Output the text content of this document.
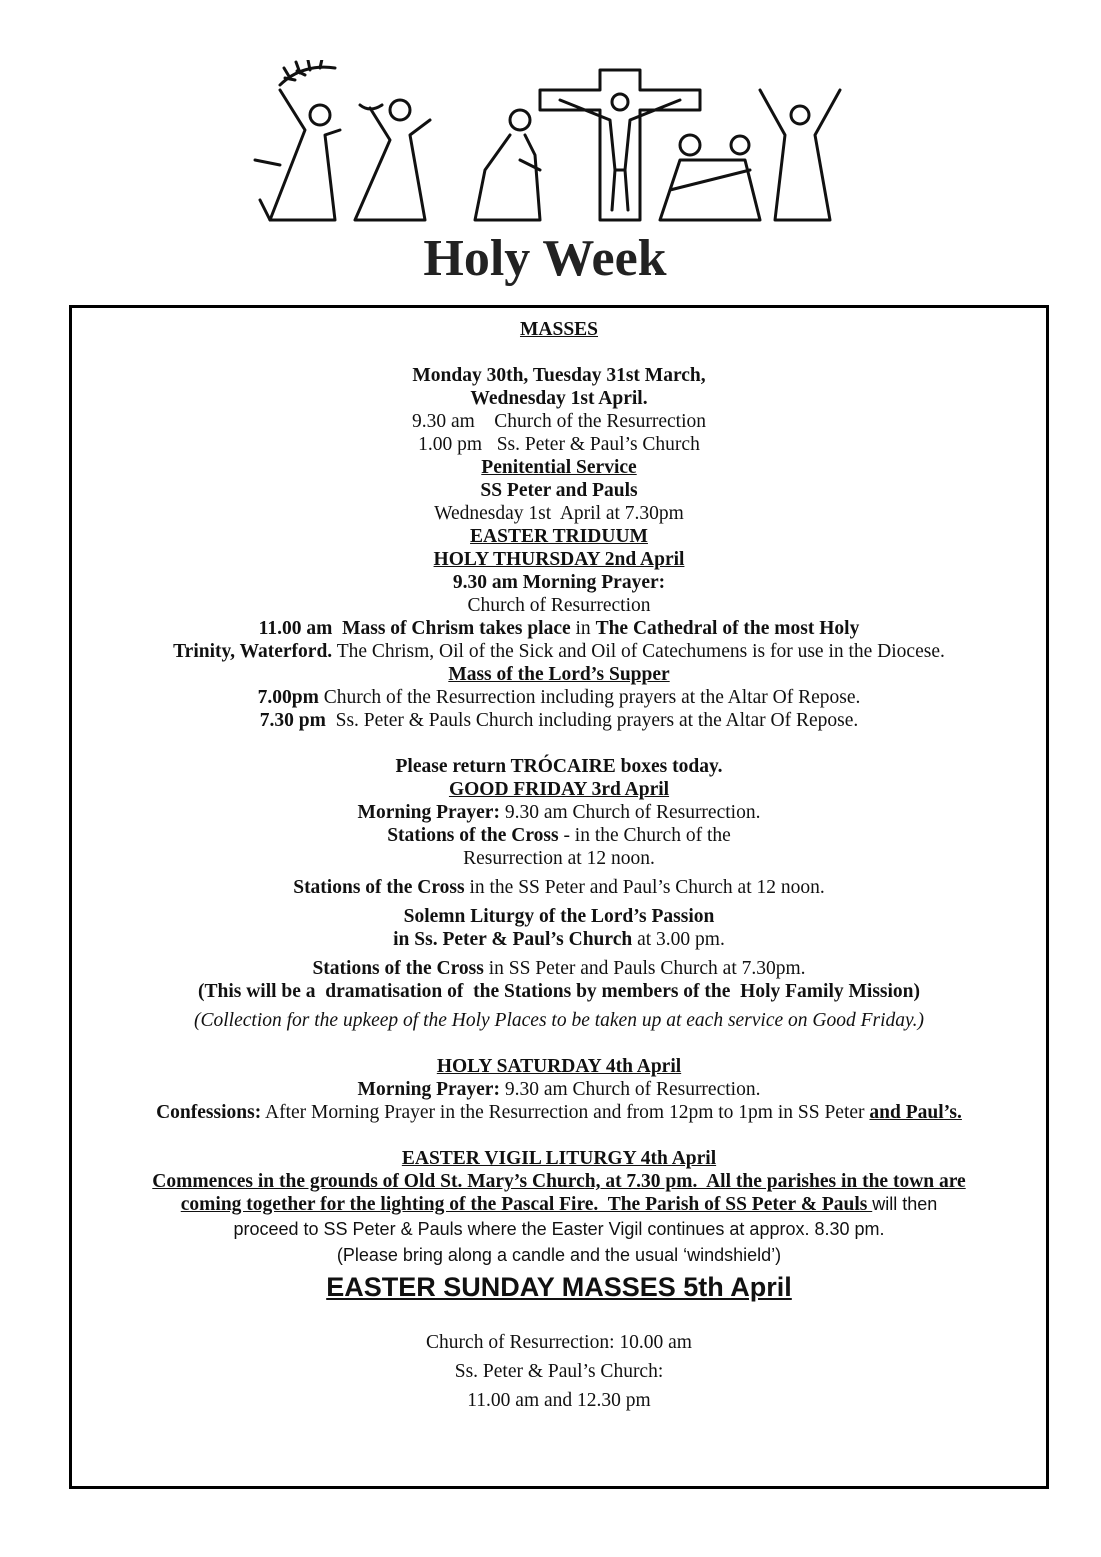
Holy Week

MASSES

Monday 30th, Tuesday 31st March,

Wednesday 1st April.

9.30 am    Church of the Resurrection

1.00 pm   Ss. Peter & Paul’s Church

Penitential Service

SS Peter and Pauls

Wednesday 1st  April at 7.30pm

EASTER TRIDUUM

HOLY THURSDAY 2nd April

9.30 am Morning Prayer:

Church of Resurrection

11.00 am  Mass of Chrism takes place in The Cathedral of the most Holy

Trinity, Waterford. The Chrism, Oil of the Sick and Oil of Catechumens is for use in the Diocese.

Mass of the Lord’s Supper

7.00pm Church of the Resurrection including prayers at the Altar Of Repose.

7.30 pm  Ss. Peter & Pauls Church including prayers at the Altar Of Repose.

Please return TRÓCAIRE boxes today.

GOOD FRIDAY 3rd April

Morning Prayer: 9.30 am Church of Resurrection.

Stations of the Cross - in the Church of the

Resurrection at 12 noon.

Stations of the Cross in the SS Peter and Paul’s Church at 12 noon.

Solemn Liturgy of the Lord’s Passion

in Ss. Peter & Paul’s Church at 3.00 pm.

Stations of the Cross in SS Peter and Pauls Church at 7.30pm.

(This will be a  dramatisation of  the Stations by members of the  Holy Family Mission)

(Collection for the upkeep of the Holy Places to be taken up at each service on Good Friday.)

HOLY SATURDAY 4th April

Morning Prayer: 9.30 am Church of Resurrection.

Confessions: After Morning Prayer in the Resurrection and from 12pm to 1pm in SS Peter and Paul’s.

EASTER VIGIL LITURGY 4th April

Commences in the grounds of Old St. Mary’s Church, at 7.30 pm.  All the parishes in the town are

coming together for the lighting of the Pascal Fire.  The Parish of SS Peter & Pauls will then

proceed to SS Peter & Pauls where the Easter Vigil continues at approx. 8.30 pm.

(Please bring along a candle and the usual ‘windshield’)

EASTER SUNDAY MASSES 5th April

Church of Resurrection: 10.00 am

Ss. Peter & Paul’s Church:

11.00 am and 12.30 pm
